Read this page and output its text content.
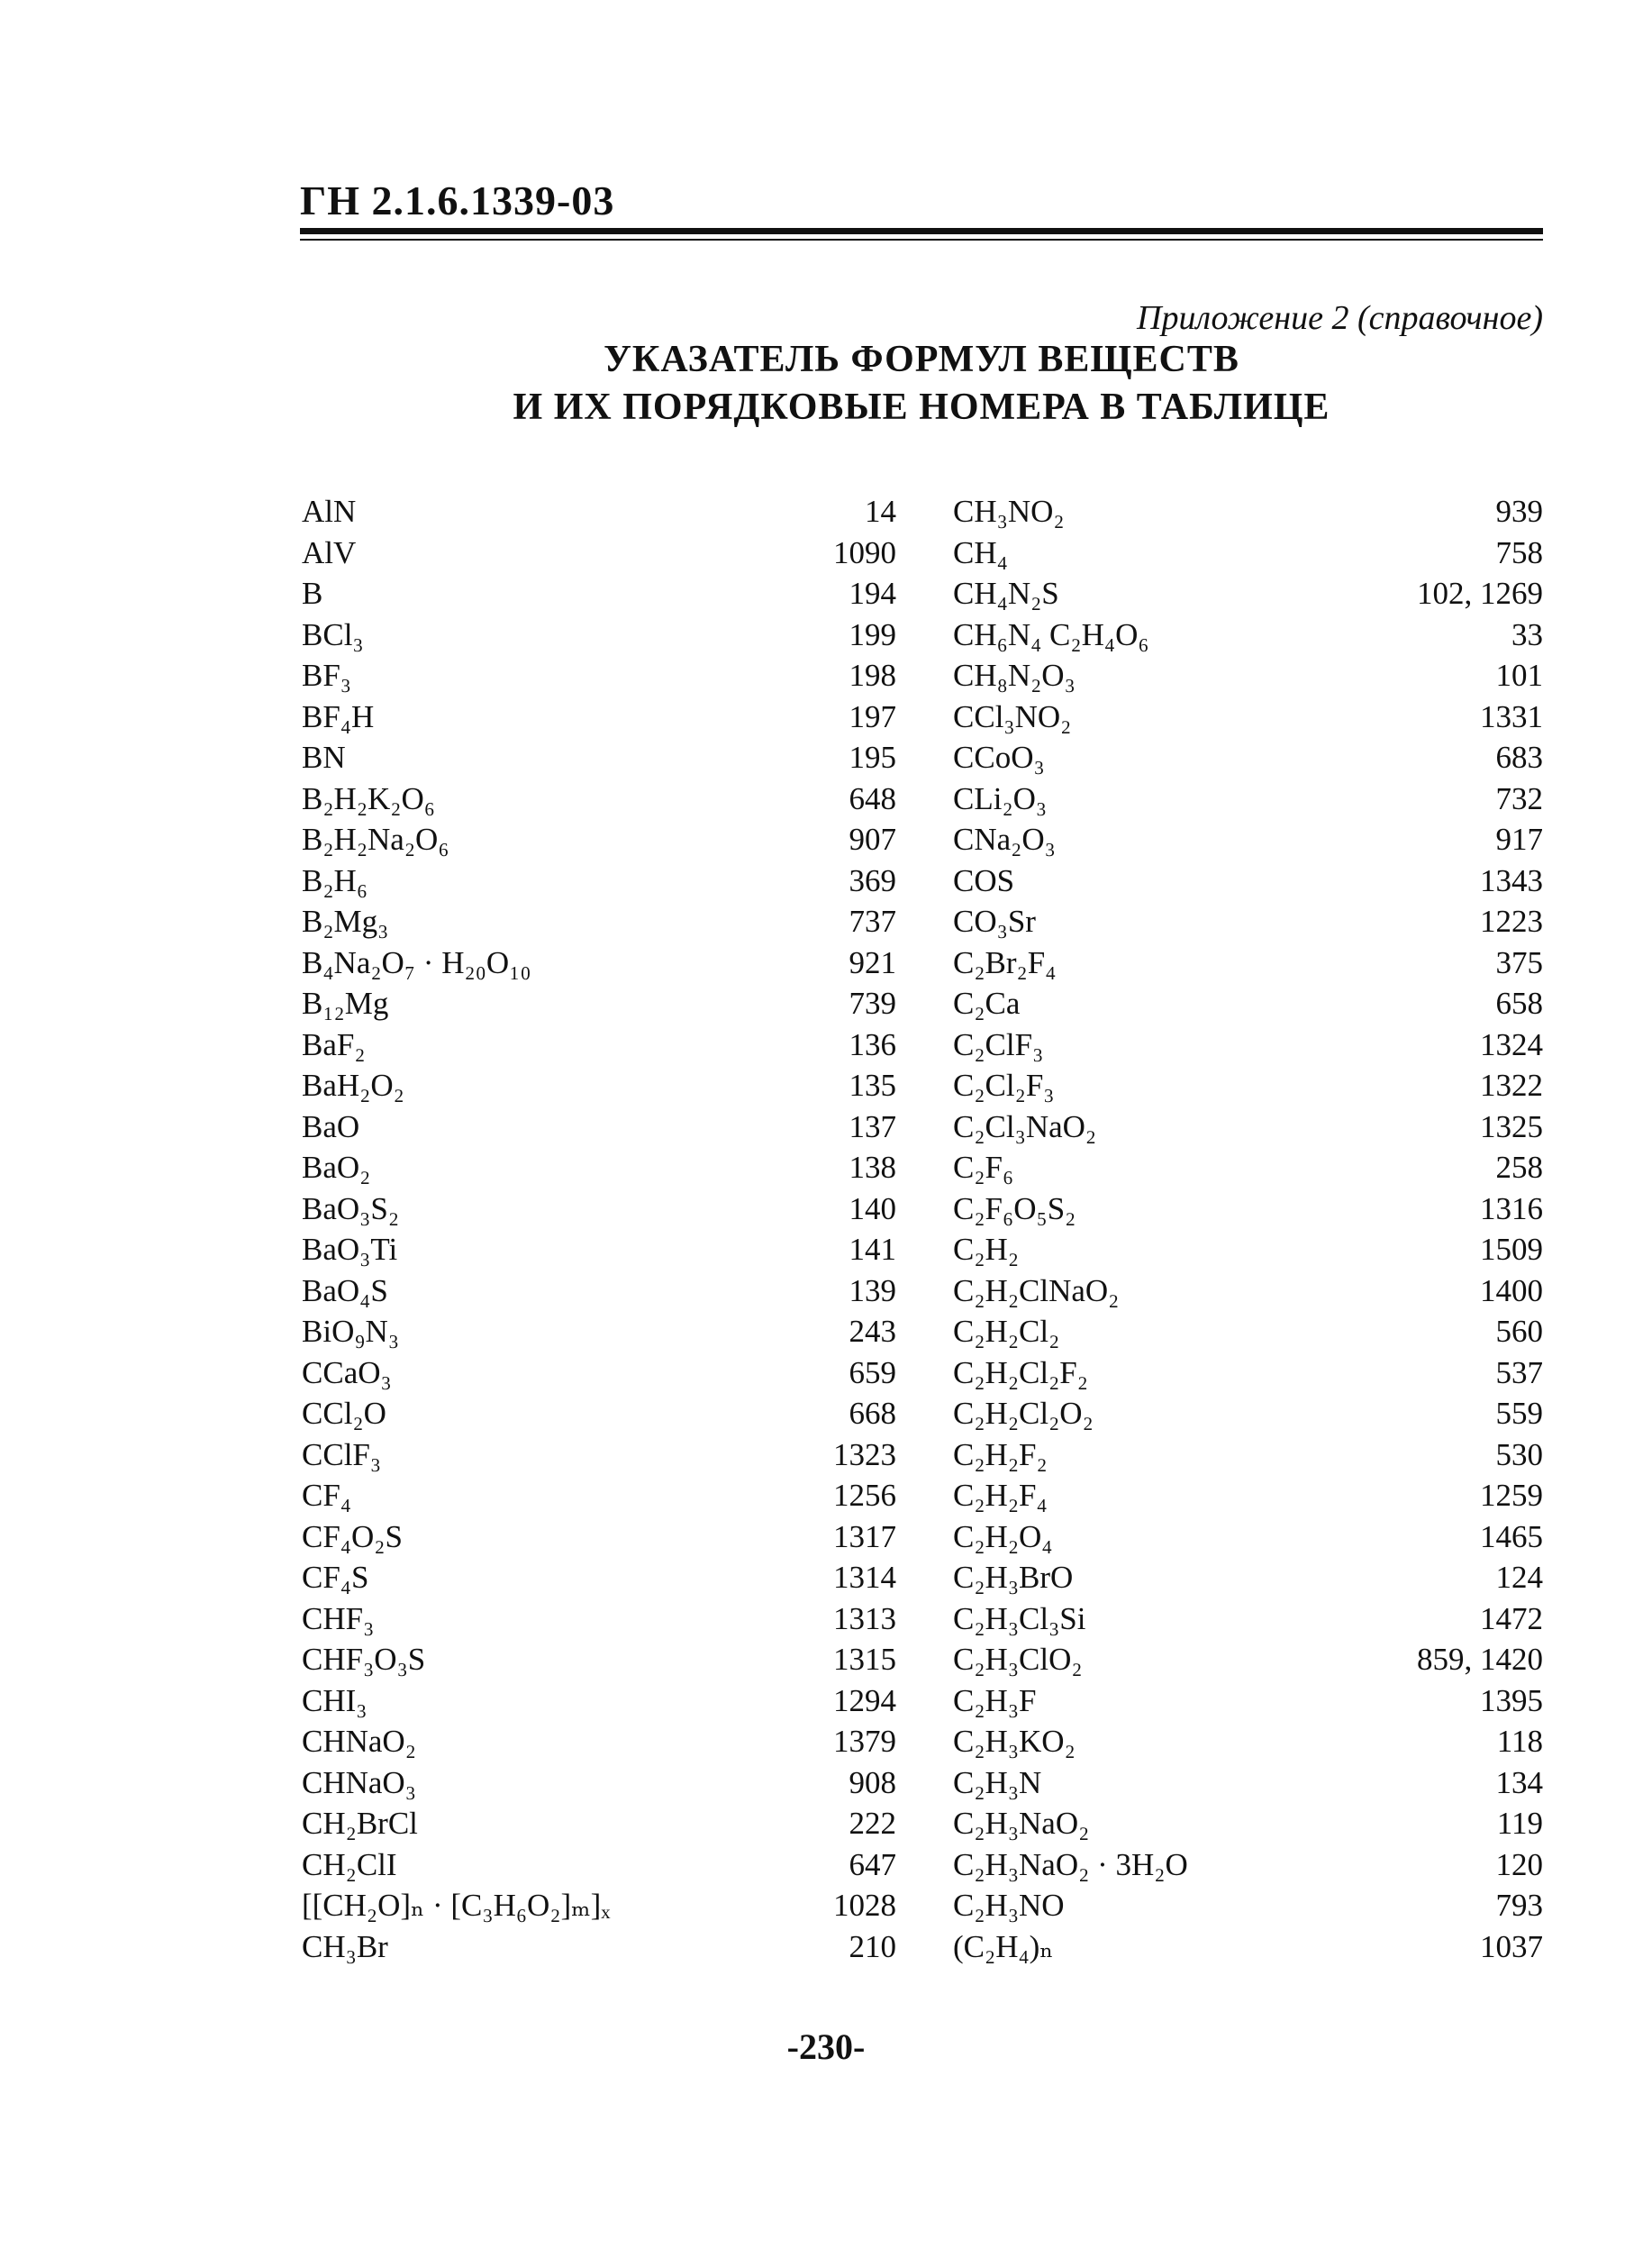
ГН 2.1.6.1339-03
Приложение 2 (справочное)
УКАЗАТЕЛЬ ФОРМУЛ ВЕЩЕСТВ
И ИХ ПОРЯДКОВЫЕ НОМЕРА В ТАБЛИЦЕ
AlN	14
AlV	1090
B	194
BCl₃	199
BF₃	198
BF₄H	197
BN	195
B₂H₂K₂O₆	648
B₂H₂Na₂O₆	907
B₂H₆	369
B₂Mg₃	737
B₄Na₂O₇ · H₂₀O₁₀	921
B₁₂Mg	739
BaF₂	136
BaH₂O₂	135
BaO	137
BaO₂	138
BaO₃S₂	140
BaO₃Ti	141
BaO₄S	139
BiO₉N₃	243
CCaO₃	659
CCl₂O	668
CClF₃	1323
CF₄	1256
CF₄O₂S	1317
CF₄S	1314
CHF₃	1313
CHF₃O₃S	1315
CHI₃	1294
CHNaO₂	1379
CHNaO₃	908
CH₂BrCl	222
CH₂ClI	647
[[CH₂O]ₙ · [C₃H₆O₂]ₘ]ₓ	1028
CH₃Br	210
CH₃NO₂	939
CH₄	758
CH₄N₂S	102, 1269
CH₆N₄ C₂H₄O₆	33
CH₈N₂O₃	101
CCl₃NO₂	1331
CCoO₃	683
CLi₂O₃	732
CNa₂O₃	917
COS	1343
CO₃Sr	1223
C₂Br₂F₄	375
C₂Ca	658
C₂ClF₃	1324
C₂Cl₂F₃	1322
C₂Cl₃NaO₂	1325
C₂F₆	258
C₂F₆O₅S₂	1316
C₂H₂	1509
C₂H₂ClNaO₂	1400
C₂H₂Cl₂	560
C₂H₂Cl₂F₂	537
C₂H₂Cl₂O₂	559
C₂H₂F₂	530
C₂H₂F₄	1259
C₂H₂O₄	1465
C₂H₃BrO	124
C₂H₃Cl₃Si	1472
C₂H₃ClO₂	859, 1420
C₂H₃F	1395
C₂H₃KO₂	118
C₂H₃N	134
C₂H₃NaO₂	119
C₂H₃NaO₂ · 3H₂O	120
C₂H₃NO	793
(C₂H₄)ₙ	1037
-230-
